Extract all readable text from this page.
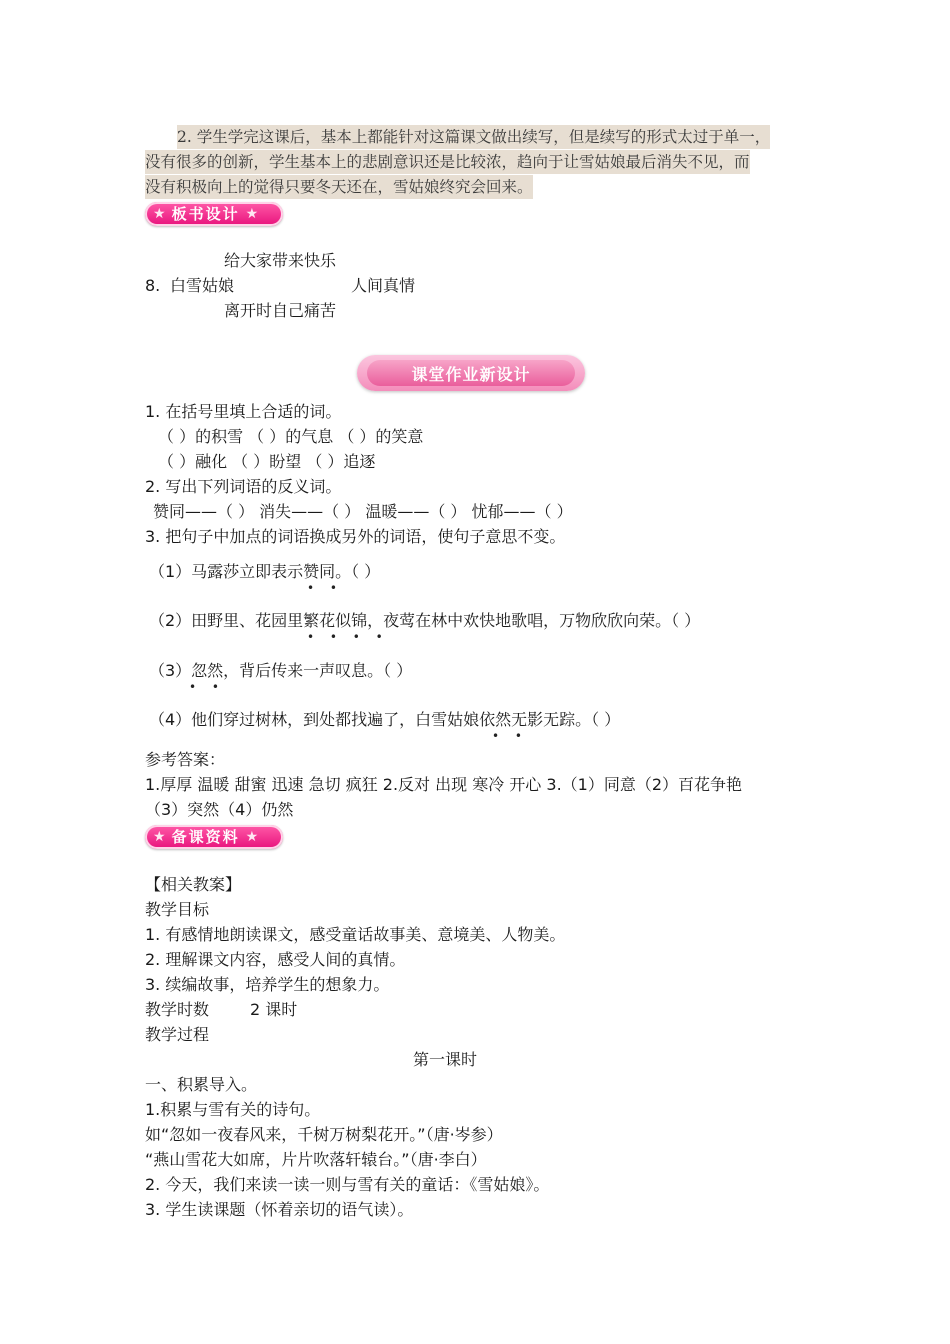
2. 学生学完这课后，基本上都能针对这篇课文做出续写，但是续写的形式太过于单一，
没有很多的创新，学生基本上的悲剧意识还是比较浓，趋向于让雪姑娘最后消失不见，而
没有积极向上的觉得只要冬天还在，雪姑娘终究会回来。
★ 板书设计 ★
给大家带来快乐
8. 白雪姑娘	人间真情
离开时自己痛苦
课堂作业新设计
1. 在括号里填上合适的词。
（ ）的积雪 （ ）的气息 （ ）的笑意
（ ）融化 （ ）盼望 （ ）追逐
2. 写出下列词语的反义词。
赞同——（ ） 消失——（ ） 温暖——（ ） 忧郁——（ ）
3. 把句子中加点的词语换成另外的词语，使句子意思不变。
（1）马露莎立即表示赞同。（ ）
• •
（2）田野里、花园里繁花似锦，夜莺在林中欢快地歌唱，万物欣欣向荣。（ ）
• • • •
（3）忽然，背后传来一声叹息。（ ）
• •
（4）他们穿过树林，到处都找遍了，白雪姑娘依然无影无踪。（ ）
• •
参考答案：
1.厚厚 温暖 甜蜜 迅速 急切 疯狂 2.反对 出现 寒冷 开心 3.（1）同意（2）百花争艳
（3）突然（4）仍然
★ 备课资料 ★
【相关教案】
教学目标
1. 有感情地朗读课文，感受童话故事美、意境美、人物美。
2. 理解课文内容，感受人间的真情。
3. 续编故事，培养学生的想象力。
教学时数	2 课时
教学过程
第一课时
一、积累导入。
1.积累与雪有关的诗句。
如“忽如一夜春风来，千树万树梨花开。”（唐·岑参）
“燕山雪花大如席，片片吹落轩辕台。”（唐·李白）
2. 今天，我们来读一读一则与雪有关的童话：《雪姑娘》。
3. 学生读课题（怀着亲切的语气读）。
